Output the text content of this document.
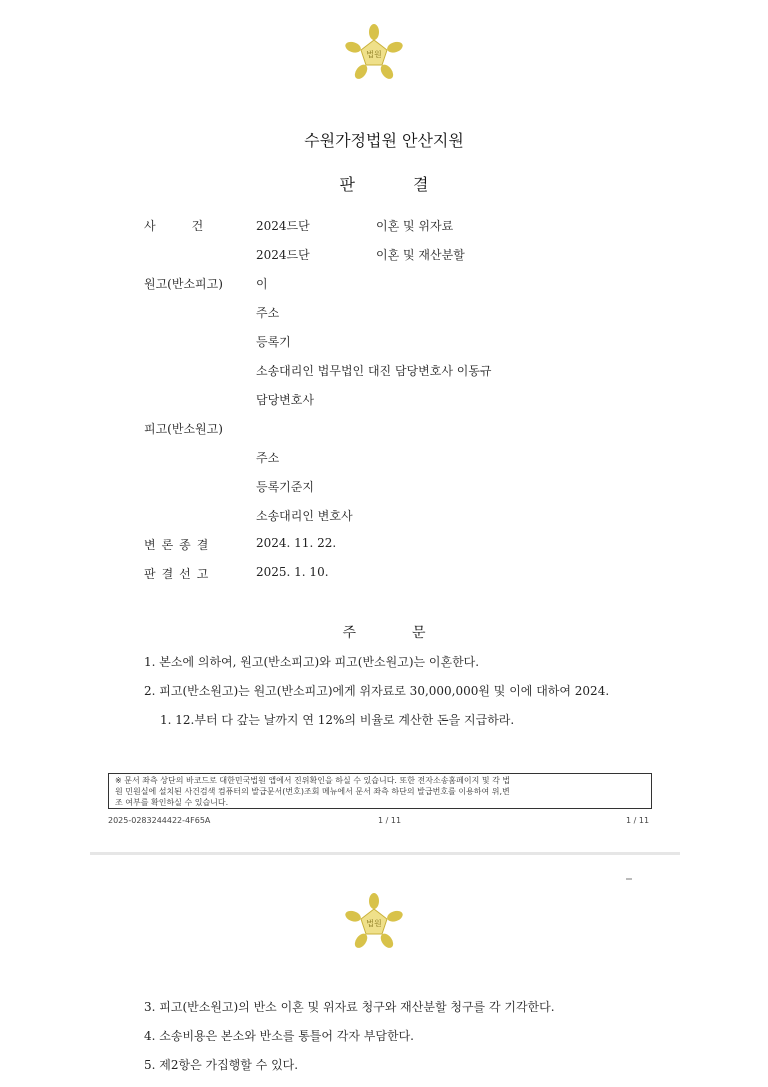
법원
수원가정법원 안산지원
판결
사건 2024드단	이혼 및 위자료
2024드단	이혼 및 재산분할
원고(반소피고)	이
주소
등록기
소송대리인 법무법인 대진 담당변호사 이동규
담당변호사
피고(반소원고)
주소
등록기준지
소송대리인 변호사
변론종결	2024. 11. 22.
판결선고	2025. 1. 10.
주문
1. 본소에 의하여, 원고(반소피고)와 피고(반소원고)는 이혼한다.
2. 피고(반소원고)는 원고(반소피고)에게 위자료로 30,000,000원 및 이에 대하여 2024.
1. 12.부터 다 갚는 날까지 연 12%의 비율로 계산한 돈을 지급하라.
※ 문서 좌측 상단의 바코드로 대한민국법원 앱에서 진위확인을 하실 수 있습니다. 또한 전자소송홈페이지 및 각 법
원 민원실에 설치된 사건검색 컴퓨터의 발급문서(번호)조회 메뉴에서 문서 좌측 하단의 발급번호를 이용하여 위,변
조 여부를 확인하실 수 있습니다.
2025-0283244422-4F65A	1 / 11	1 / 11
법원
3. 피고(반소원고)의 반소 이혼 및 위자료 청구와 재산분할 청구를 각 기각한다.
4. 소송비용은 본소와 반소를 통틀어 각자 부담한다.
5. 제2항은 가집행할 수 있다.
